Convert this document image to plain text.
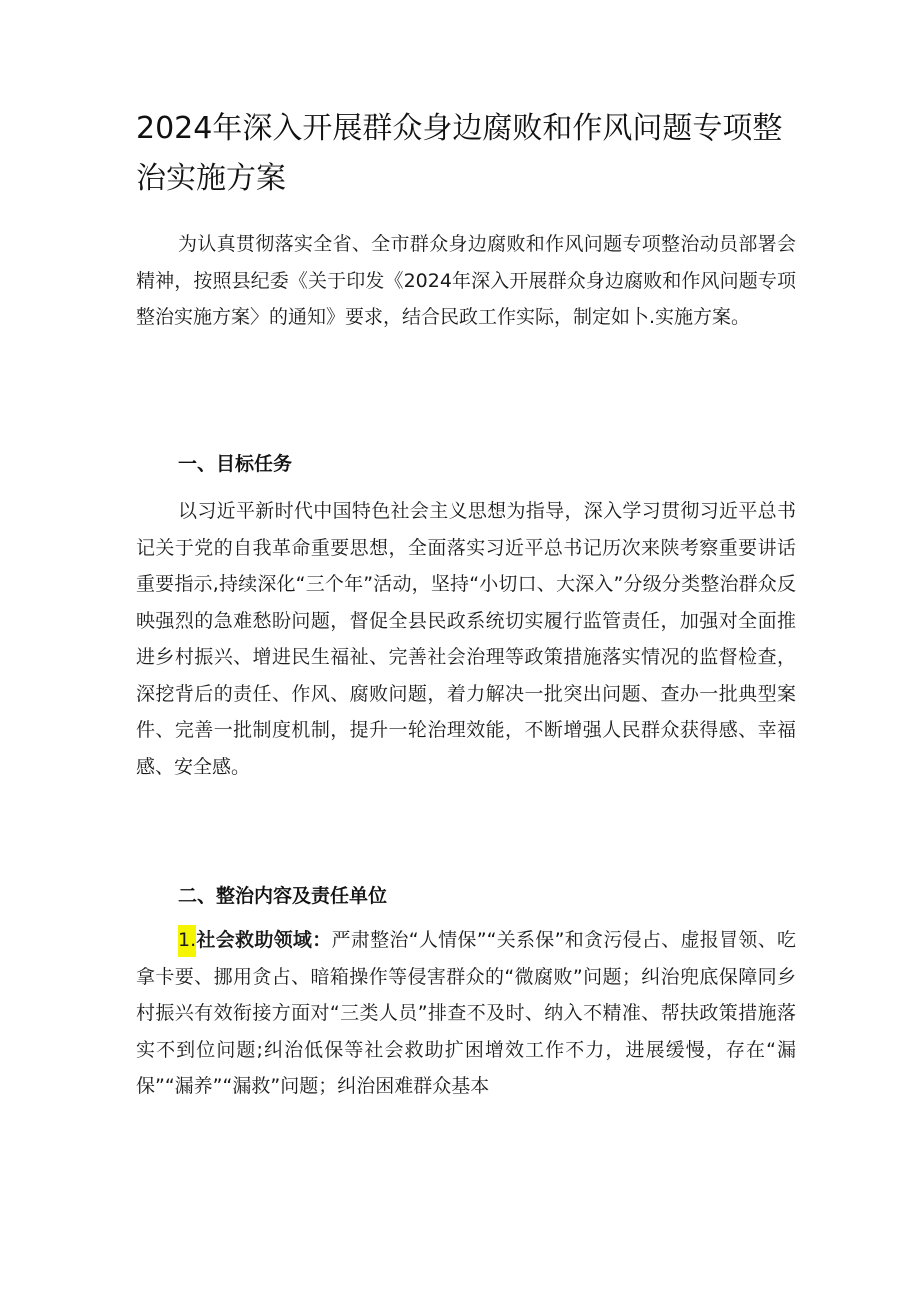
2024年深入开展群众身边腐败和作风问题专项整治实施方案

为认真贯彻落实全省、全市群众身边腐败和作风问题专项整治动员部署会精神，按照县纪委《关于印发《2024年深入开展群众身边腐败和作风问题专项整治实施方案〉的通知》要求，结合民政工作实际，制定如卜.实施方案。

一、目标任务

以习近平新时代中国特色社会主义思想为指导，深入学习贯彻习近平总书记关于党的自我革命重要思想，全面落实习近平总书记历次来陕考察重要讲话重要指示,持续深化“三个年”活动，坚持“小切口、大深入”分级分类整治群众反映强烈的急难愁盼问题，督促全县民政系统切实履行监管责任，加强对全面推进乡村振兴、增进民生福祉、完善社会治理等政策措施落实情况的监督检查，深挖背后的责任、作风、腐败问题，着力解决一批突出问题、查办一批典型案件、完善一批制度机制，提升一轮治理效能，不断增强人民群众获得感、幸福感、安全感。

二、整治内容及责任单位

1.社会救助领域：严肃整治“人情保”“关系保”和贪污侵占、虚报冒领、吃拿卡要、挪用贪占、暗箱操作等侵害群众的“微腐败”问题；纠治兜底保障同乡村振兴有效衔接方面对“三类人员”排查不及时、纳入不精准、帮扶政策措施落实不到位问题;纠治低保等社会救助扩困增效工作不力，进展缓慢，存在“漏保”“漏养”“漏救”问题；纠治困难群众基本
